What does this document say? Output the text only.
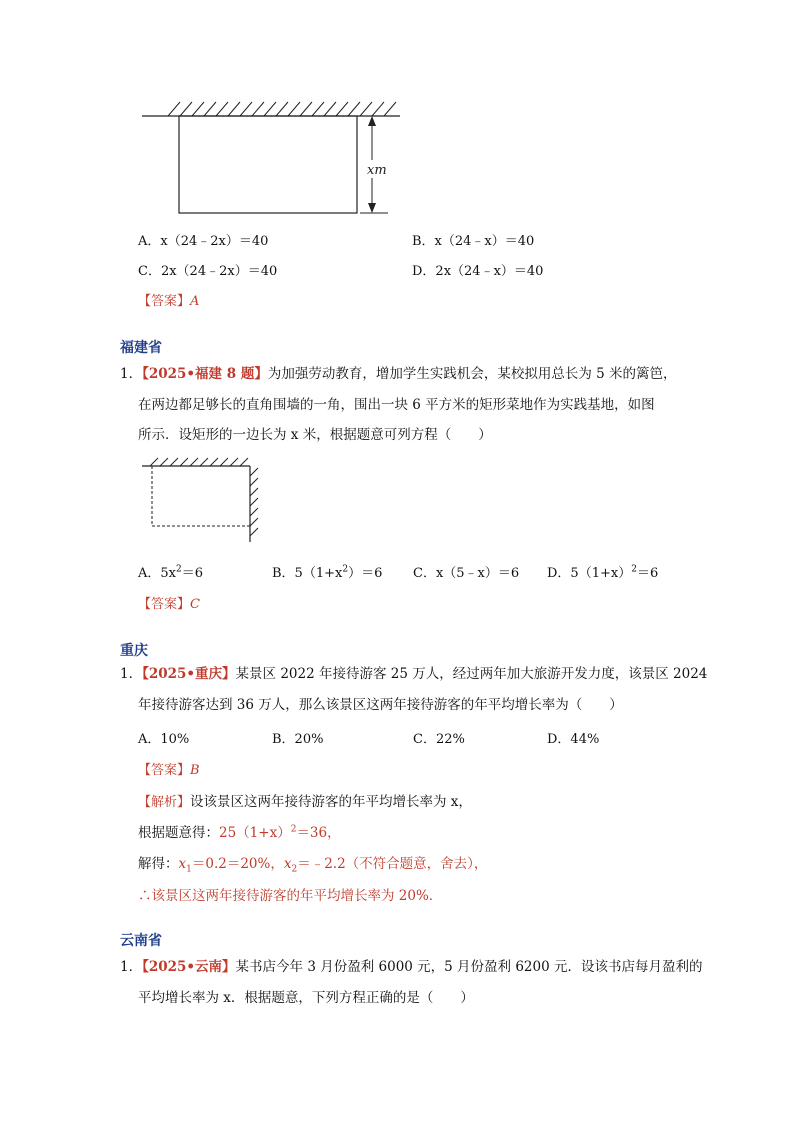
xm
A．x（24﹣2x）＝40	B．x（24﹣x）＝40
C．2x（24﹣2x）＝40	D．2x（24﹣x）＝40
【答案】A
福建省
1．【2025•福建 8 题】为加强劳动教育，增加学生实践机会，某校拟用总长为 5 米的篱笆，
在两边都足够长的直角围墙的一角，围出一块 6 平方米的矩形菜地作为实践基地，如图
所示．设矩形的一边长为 x 米，根据题意可列方程（　　）
A．$5x^2=6$	B．$5(1+x^2)=6$ C．x（5﹣x）＝6 D．$5(1+x)^2=6$
【答案】C
重庆
1．【2025•重庆】某景区 2022 年接待游客 25 万人，经过两年加大旅游开发力度，该景区 2024
年接待游客达到 36 万人，那么该景区这两年接待游客的年平均增长率为（　　）
A．10%	B．20%	C．22%	D．44%
【答案】B
【解析】设该景区这两年接待游客的年平均增长率为 x，
根据题意得：$25(1+x)^2=36$，
解得：$x_1=0.2=20\%$，$x_2=﹣2.2$（不符合题意，舍去），
∴该景区这两年接待游客的年平均增长率为 20%．
云南省
1．【2025•云南】某书店今年 3 月份盈利 6000 元，5 月份盈利 6200 元．设该书店每月盈利的
平均增长率为 x．根据题意，下列方程正确的是（　　）
